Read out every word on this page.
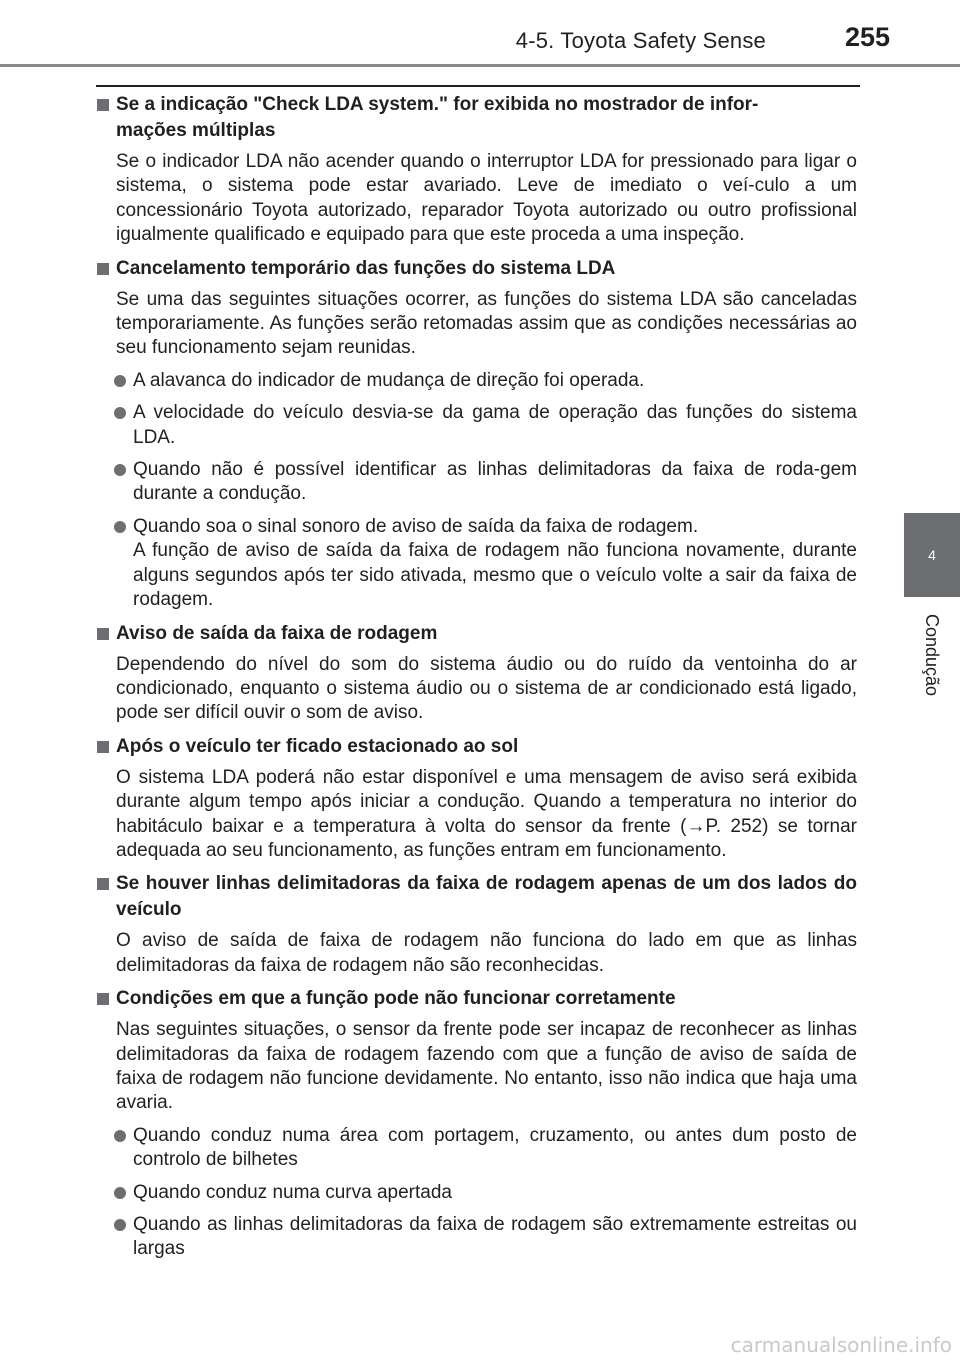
4-5. Toyota Safety Sense	255
4
Condução
Se a indicação "Check LDA system." for exibida no mostrador de infor-
mações múltiplas
Se o indicador LDA não acender quando o interruptor LDA for pressionado para ligar o sistema, o sistema pode estar avariado. Leve de imediato o veí-culo a um concessionário Toyota autorizado, reparador Toyota autorizado ou outro profissional igualmente qualificado e equipado para que este proceda a uma inspeção.
Cancelamento temporário das funções do sistema LDA
Se uma das seguintes situações ocorrer, as funções do sistema LDA são canceladas temporariamente. As funções serão retomadas assim que as condições necessárias ao seu funcionamento sejam reunidas.
A alavanca do indicador de mudança de direção foi operada.
A velocidade do veículo desvia-se da gama de operação das funções do sistema LDA.
Quando não é possível identificar as linhas delimitadoras da faixa de roda-gem durante a condução.
Quando soa o sinal sonoro de aviso de saída da faixa de rodagem.
A função de aviso de saída da faixa de rodagem não funciona novamente, durante alguns segundos após ter sido ativada, mesmo que o veículo volte a sair da faixa de rodagem.
Aviso de saída da faixa de rodagem
Dependendo do nível do som do sistema áudio ou do ruído da ventoinha do ar condicionado, enquanto o sistema áudio ou o sistema de ar condicionado está ligado, pode ser difícil ouvir o som de aviso.
Após o veículo ter ficado estacionado ao sol
O sistema LDA poderá não estar disponível e uma mensagem de aviso será exibida durante algum tempo após iniciar a condução. Quando a temperatura no interior do habitáculo baixar e a temperatura à volta do sensor da frente (→P. 252) se tornar adequada ao seu funcionamento, as funções entram em funcionamento.
Se houver linhas delimitadoras da faixa de rodagem apenas de um dos lados do veículo
O aviso de saída de faixa de rodagem não funciona do lado em que as linhas delimitadoras da faixa de rodagem não são reconhecidas.
Condições em que a função pode não funcionar corretamente
Nas seguintes situações, o sensor da frente pode ser incapaz de reconhecer as linhas delimitadoras da faixa de rodagem fazendo com que a função de aviso de saída de faixa de rodagem não funcione devidamente. No entanto, isso não indica que haja uma avaria.
Quando conduz numa área com portagem, cruzamento, ou antes dum posto de controlo de bilhetes
Quando conduz numa curva apertada
Quando as linhas delimitadoras da faixa de rodagem são extremamente estreitas ou largas
carmanualsonline.info
